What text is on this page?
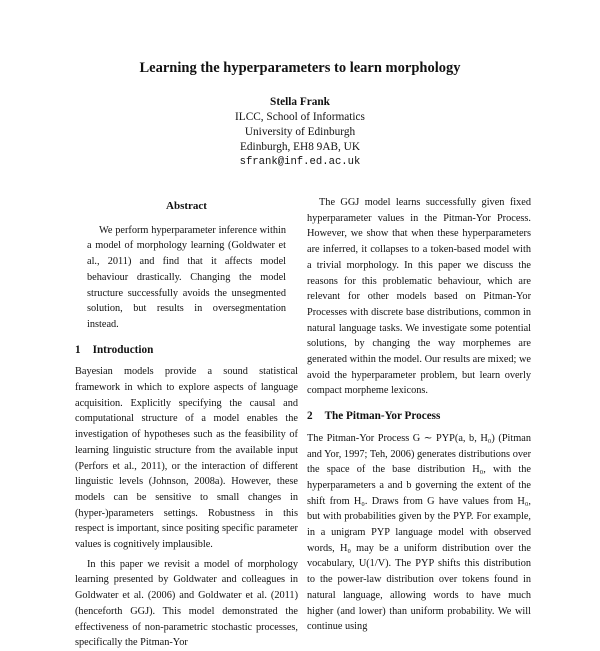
Learning the hyperparameters to learn morphology
Stella Frank
ILCC, School of Informatics
University of Edinburgh
Edinburgh, EH8 9AB, UK
sfrank@inf.ed.ac.uk
Abstract

We perform hyperparameter inference within a model of morphology learning (Goldwater et al., 2011) and find that it affects model behaviour drastically. Changing the model structure successfully avoids the unsegmented solution, but results in oversegmentation instead.

1 Introduction

Bayesian models provide a sound statistical framework in which to explore aspects of language acquisition. Explicitly specifying the causal and computational structure of a model enables the investigation of hypotheses such as the feasibility of learning linguistic structure from the available input (Perfors et al., 2011), or the interaction of different linguistic levels (Johnson, 2008a). However, these models can be sensitive to small changes in (hyper-)parameters settings. Robustness in this respect is important, since positing specific parameter values is cognitively implausible.

In this paper we revisit a model of morphology learning presented by Goldwater and colleagues in Goldwater et al. (2006) and Goldwater et al. (2011) (henceforth GGJ). This model demonstrated the effectiveness of non-parametric stochastic processes, specifically the Pitman-Yor

The GGJ model learns successfully given fixed hyperparameter values in the Pitman-Yor Process. However, we show that when these hyperparameters are inferred, it collapses to a token-based model with a trivial morphology. In this paper we discuss the reasons for this problematic behaviour, which are relevant for other models based on Pitman-Yor Processes with discrete base distributions, common in natural language tasks. We investigate some potential solutions, by changing the way morphemes are generated within the model. Our results are mixed; we avoid the hyperparameter problem, but learn overly compact morpheme lexicons.

2 The Pitman-Yor Process

The Pitman-Yor Process G ∼ PYP(a, b, H₀) (Pitman and Yor, 1997; Teh, 2006) generates distributions over the space of the base distribution H₀, with the hyperparameters a and b governing the extent of the shift from H₀. Draws from G have values from H₀, but with probabilities given by the PYP. For example, in a unigram PYP language model with observed words, H₀ may be a uniform distribution over the vocabulary, U(1/V). The PYP shifts this distribution to the power-law distribution over tokens found in natural language, allowing words to have much higher (and lower) than uniform probability. We will continue using
